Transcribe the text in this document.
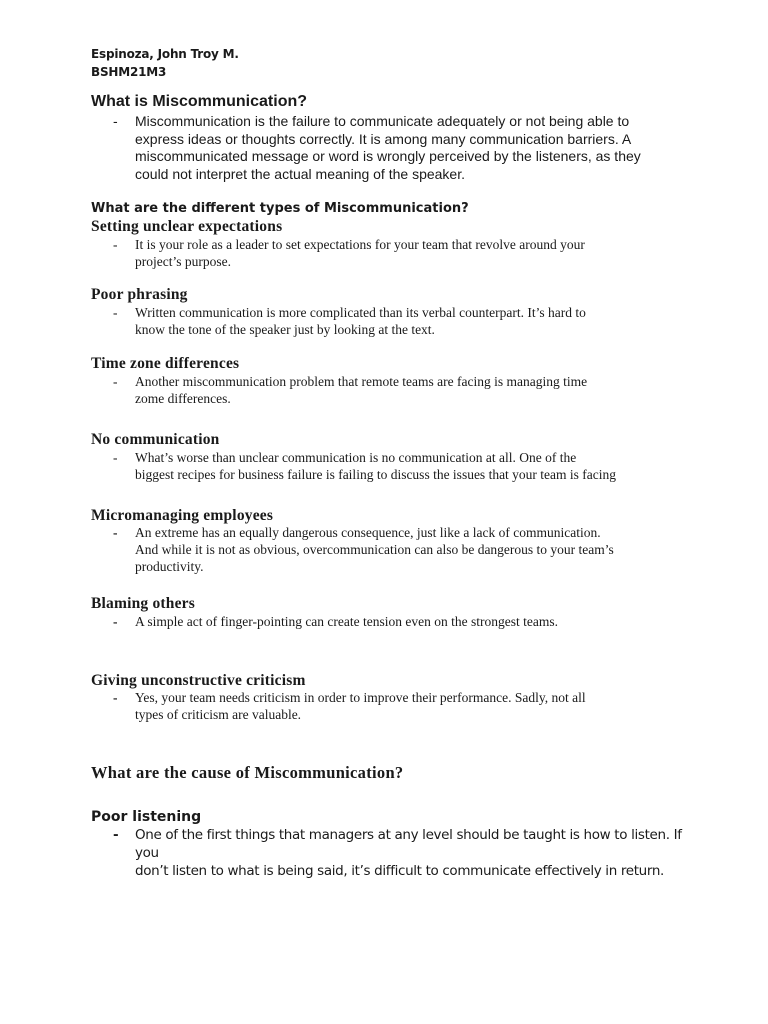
Espinoza, John Troy M.
BSHM21M3
What is Miscommunication?
-	Miscommunication is the failure to communicate adequately or not being able to
express ideas or thoughts correctly. It is among many communication barriers. A
miscommunicated message or word is wrongly perceived by the listeners, as they
could not interpret the actual meaning of the speaker.
What are the different types of Miscommunication?
Setting unclear expectations
-	It is your role as a leader to set expectations for your team that revolve around your
project’s purpose.
Poor phrasing
-	Written communication is more complicated than its verbal counterpart. It’s hard to
know the tone of the speaker just by looking at the text.
Time zone differences
-	Another miscommunication problem that remote teams are facing is managing time
zome differences.
No communication
-	What’s worse than unclear communication is no communication at all. One of the
biggest recipes for business failure is failing to discuss the issues that your team is facing
Micromanaging employees
-	An extreme has an equally dangerous consequence, just like a lack of communication.
And while it is not as obvious, overcommunication can also be dangerous to your team’s
productivity.
Blaming others
-	A simple act of finger-pointing can create tension even on the strongest teams.
Giving unconstructive criticism
-	Yes, your team needs criticism in order to improve their performance. Sadly, not all
types of criticism are valuable.
What are the cause of Miscommunication?
Poor listening
-	One of the first things that managers at any level should be taught is how to listen. If you
don’t listen to what is being said, it’s difficult to communicate effectively in return.
